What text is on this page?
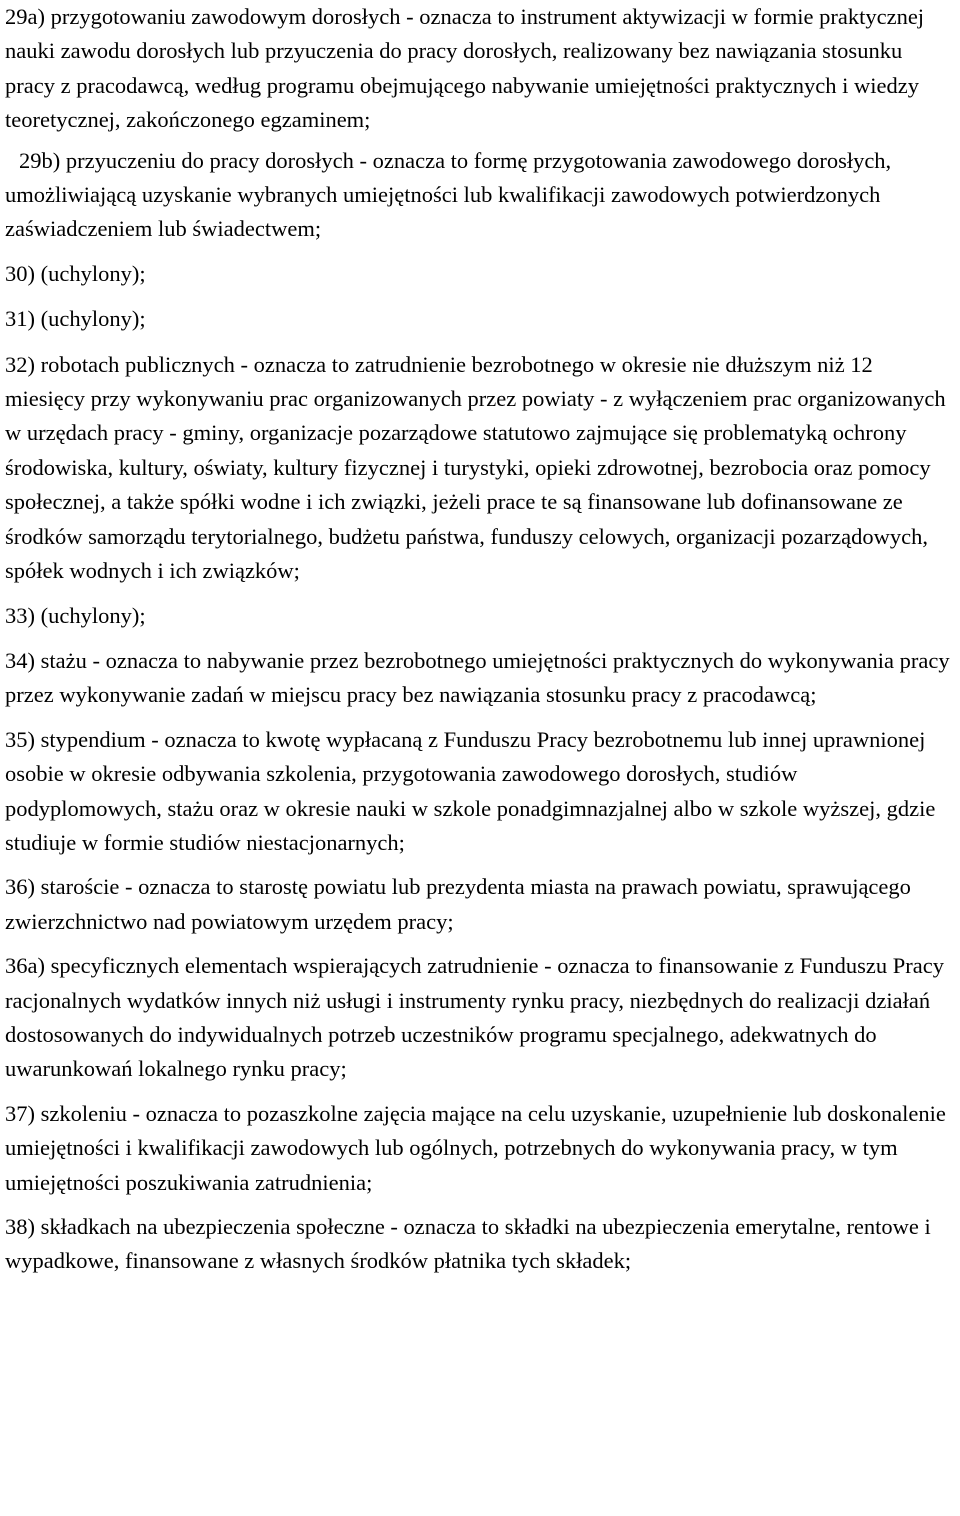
29a) przygotowaniu zawodowym dorosłych - oznacza to instrument aktywizacji w formie praktycznej nauki zawodu dorosłych lub przyuczenia do pracy dorosłych, realizowany bez nawiązania stosunku pracy z pracodawcą, według programu obejmującego nabywanie umiejętności praktycznych i wiedzy teoretycznej, zakończonego egzaminem;

29b) przyuczeniu do pracy dorosłych - oznacza to formę przygotowania zawodowego dorosłych, umożliwiającą uzyskanie wybranych umiejętności lub kwalifikacji zawodowych potwierdzonych zaświadczeniem lub świadectwem;

30) (uchylony);

31) (uchylony);

32) robotach publicznych - oznacza to zatrudnienie bezrobotnego w okresie nie dłuższym niż 12 miesięcy przy wykonywaniu prac organizowanych przez powiaty - z wyłączeniem prac organizowanych w urzędach pracy - gminy, organizacje pozarządowe statutowo zajmujące się problematyką ochrony środowiska, kultury, oświaty, kultury fizycznej i turystyki, opieki zdrowotnej, bezrobocia oraz pomocy społecznej, a także spółki wodne i ich związki, jeżeli prace te są finansowane lub dofinansowane ze środków samorządu terytorialnego, budżetu państwa, funduszy celowych, organizacji pozarządowych, spółek wodnych i ich związków;

33) (uchylony);

34) stażu - oznacza to nabywanie przez bezrobotnego umiejętności praktycznych do wykonywania pracy przez wykonywanie zadań w miejscu pracy bez nawiązania stosunku pracy z pracodawcą;

35) stypendium - oznacza to kwotę wypłacaną z Funduszu Pracy bezrobotnemu lub innej uprawnionej osobie w okresie odbywania szkolenia, przygotowania zawodowego dorosłych, studiów podyplomowych, stażu oraz w okresie nauki w szkole ponadgimnazjalnej albo w szkole wyższej, gdzie studiuje w formie studiów niestacjonarnych;

36) staroście - oznacza to starostę powiatu lub prezydenta miasta na prawach powiatu, sprawującego zwierzchnictwo nad powiatowym urzędem pracy;

36a) specyficznych elementach wspierających zatrudnienie - oznacza to finansowanie z Funduszu Pracy racjonalnych wydatków innych niż usługi i instrumenty rynku pracy, niezbędnych do realizacji działań dostosowanych do indywidualnych potrzeb uczestników programu specjalnego, adekwatnych do uwarunkowań lokalnego rynku pracy;

37) szkoleniu - oznacza to pozaszkolne zajęcia mające na celu uzyskanie, uzupełnienie lub doskonalenie umiejętności i kwalifikacji zawodowych lub ogólnych, potrzebnych do wykonywania pracy, w tym umiejętności poszukiwania zatrudnienia;

38) składkach na ubezpieczenia społeczne - oznacza to składki na ubezpieczenia emerytalne, rentowe i wypadkowe, finansowane z własnych środków płatnika tych składek;
